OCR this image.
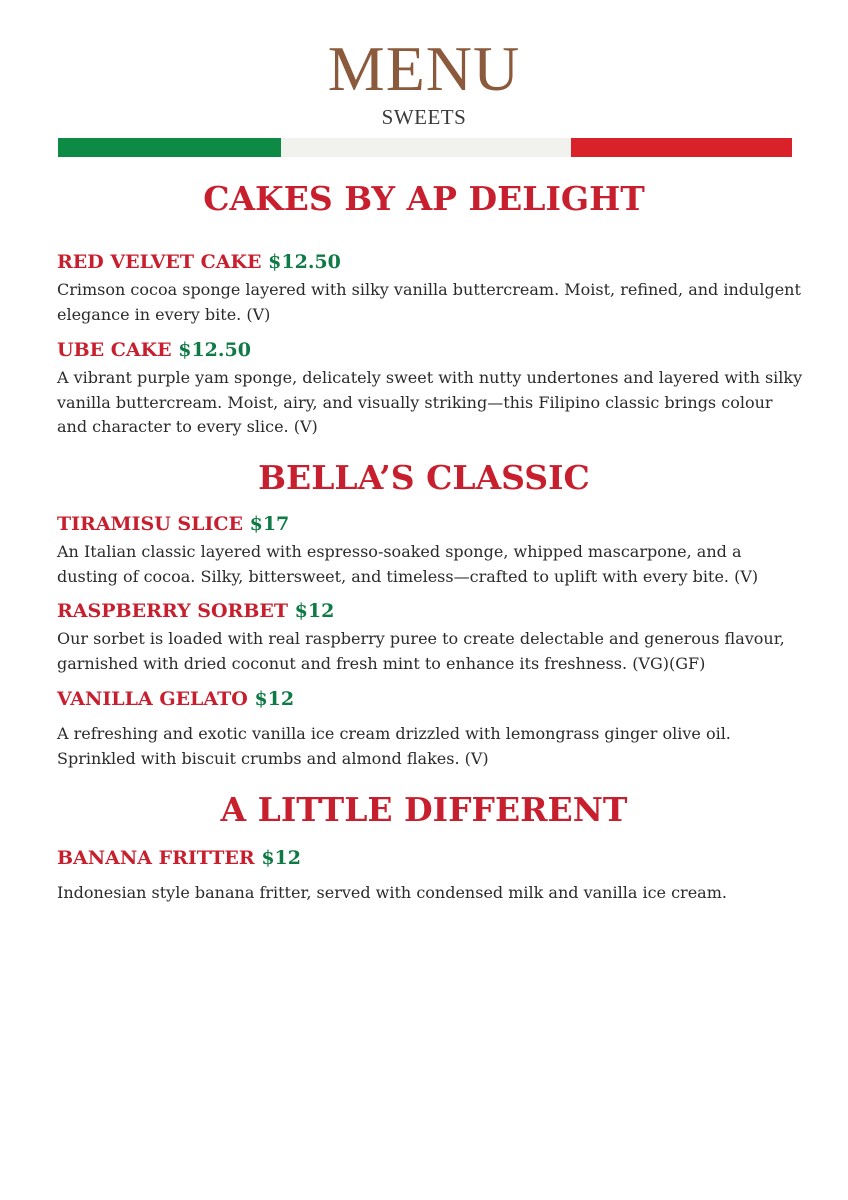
MENU
SWEETS
CAKES BY AP DELIGHT
RED VELVET CAKE $12.50
Crimson cocoa sponge layered with silky vanilla buttercream. Moist, refined, and indulgent elegance in every bite. (V)
UBE CAKE $12.50
A vibrant purple yam sponge, delicately sweet with nutty undertones and layered with silky vanilla buttercream. Moist, airy, and visually striking—this Filipino classic brings colour and character to every slice. (V)
BELLA’S CLASSIC
TIRAMISU SLICE $17
An Italian classic layered with espresso-soaked sponge, whipped mascarpone, and a dusting of cocoa. Silky, bittersweet, and timeless—crafted to uplift with every bite. (V)
RASPBERRY SORBET $12
Our sorbet is loaded with real raspberry puree to create delectable and generous flavour, garnished with dried coconut and fresh mint to enhance its freshness. (VG)(GF)
VANILLA GELATO $12
A refreshing and exotic vanilla ice cream drizzled with lemongrass ginger olive oil. Sprinkled with biscuit crumbs and almond flakes. (V)
A LITTLE DIFFERENT
BANANA FRITTER $12
Indonesian style banana fritter, served with condensed milk and vanilla ice cream.
